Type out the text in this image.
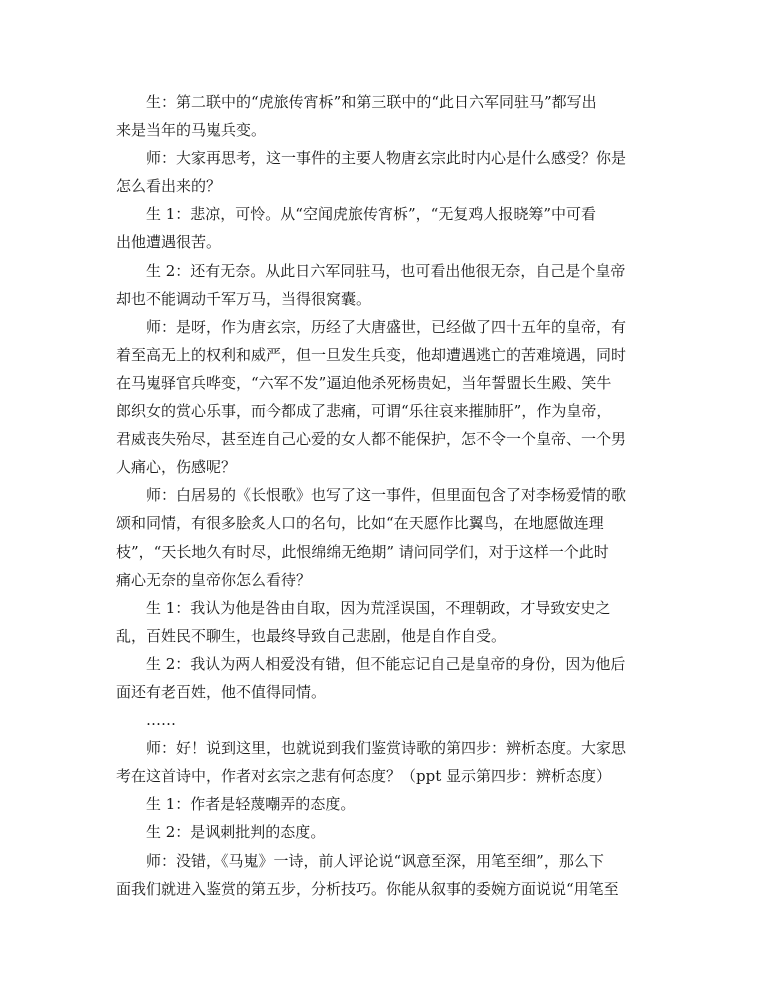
生：第二联中的“虎旅传宵柝”和第三联中的“此日六军同驻马”都写出
来是当年的马嵬兵变。

师：大家再思考，这一事件的主要人物唐玄宗此时内心是什么感受？你是
怎么看出来的？

生 1：悲凉，可怜。从“空闻虎旅传宵柝”，“无复鸡人报晓筹”中可看
出他遭遇很苦。

生 2：还有无奈。从此日六军同驻马，也可看出他很无奈，自己是个皇帝
却也不能调动千军万马，当得很窝囊。

师：是呀，作为唐玄宗，历经了大唐盛世，已经做了四十五年的皇帝，有
着至高无上的权利和威严，但一旦发生兵变，他却遭遇逃亡的苦难境遇，同时
在马嵬驿官兵哗变，“六军不发”逼迫他杀死杨贵妃，当年誓盟长生殿、笑牛
郎织女的赏心乐事，而今都成了悲痛，可谓“乐往哀来摧肺肝”，作为皇帝，
君威丧失殆尽，甚至连自己心爱的女人都不能保护，怎不令一个皇帝、一个男
人痛心，伤感呢？

师：白居易的《长恨歌》也写了这一事件，但里面包含了对李杨爱情的歌
颂和同情，有很多脍炙人口的名句，比如“在天愿作比翼鸟，在地愿做连理
枝”，“天长地久有时尽，此恨绵绵无绝期” 请问同学们，对于这样一个此时
痛心无奈的皇帝你怎么看待？

生 1：我认为他是咎由自取，因为荒淫误国，不理朝政，才导致安史之
乱，百姓民不聊生，也最终导致自己悲剧，他是自作自受。

生 2：我认为两人相爱没有错，但不能忘记自己是皇帝的身份，因为他后
面还有老百姓，他不值得同情。

……

师：好！说到这里，也就说到我们鉴赏诗歌的第四步：辨析态度。大家思
考在这首诗中，作者对玄宗之悲有何态度？（ppt 显示第四步：辨析态度）

生 1：作者是轻蔑嘲弄的态度。

生 2：是讽刺批判的态度。

师：没错，《马嵬》一诗，前人评论说“讽意至深，用笔至细”，那么下
面我们就进入鉴赏的第五步，分析技巧。你能从叙事的委婉方面说说“用笔至
